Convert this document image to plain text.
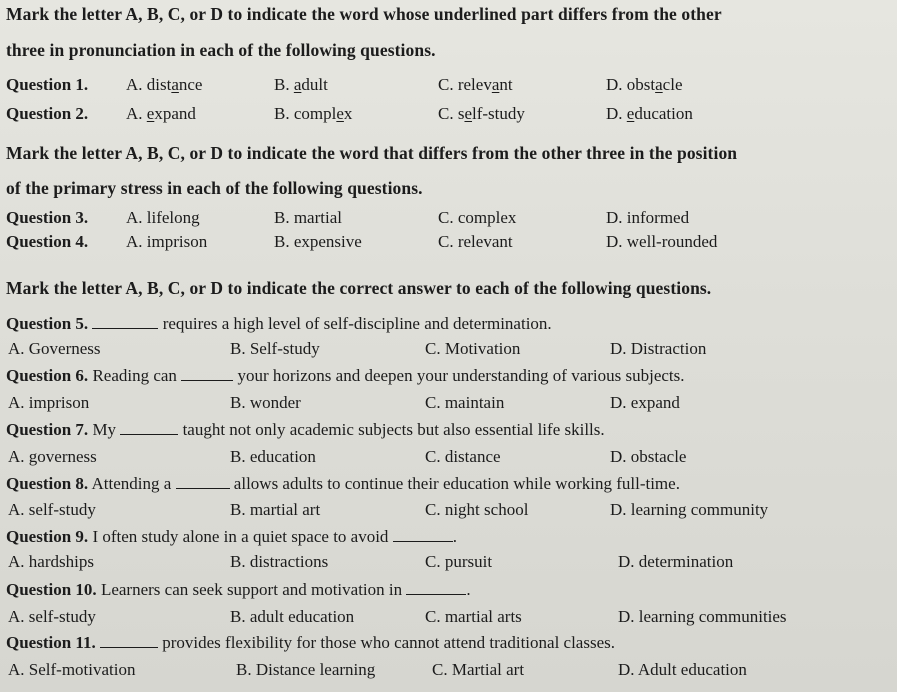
Mark the letter A, B, C, or D to indicate the word whose underlined part differs from the other
three in pronunciation in each of the following questions.
Question 1. A. distance	B. adult	C. relevant	D. obstacle
Question 2. A. expand	B. complex	C. self-study	D. education
Mark the letter A, B, C, or D to indicate the word that differs from the other three in the position
of the primary stress in each of the following questions.
Question 3. A. lifelong	B. martial	C. complex	D. informed
Question 4. A. imprison	B. expensive	C. relevant	D. well-rounded
Mark the letter A, B, C, or D to indicate the correct answer to each of the following questions.
Question 5.	requires a high level of self-discipline and determination.
A. Governess	B. Self-study	C. Motivation	D. Distraction
Question 6. Reading can	your horizons and deepen your understanding of various subjects.
A. imprison	B. wonder	C. maintain	D. expand
Question 7. My	taught not only academic subjects but also essential life skills.
A. governess	B. education	C. distance	D. obstacle
Question 8. Attending a	allows adults to continue their education while working full-time.
A. self-study	B. martial art	C. night school	D. learning community
Question 9. I often study alone in a quiet space to avoid	.
A. hardships	B. distractions	C. pursuit	D. determination
Question 10. Learners can seek support and motivation in	.
A. self-study	B. adult education	C. martial arts	D. learning communities
Question 11.	provides flexibility for those who cannot attend traditional classes.
A. Self-motivation	B. Distance learning	C. Martial art	D. Adult education
